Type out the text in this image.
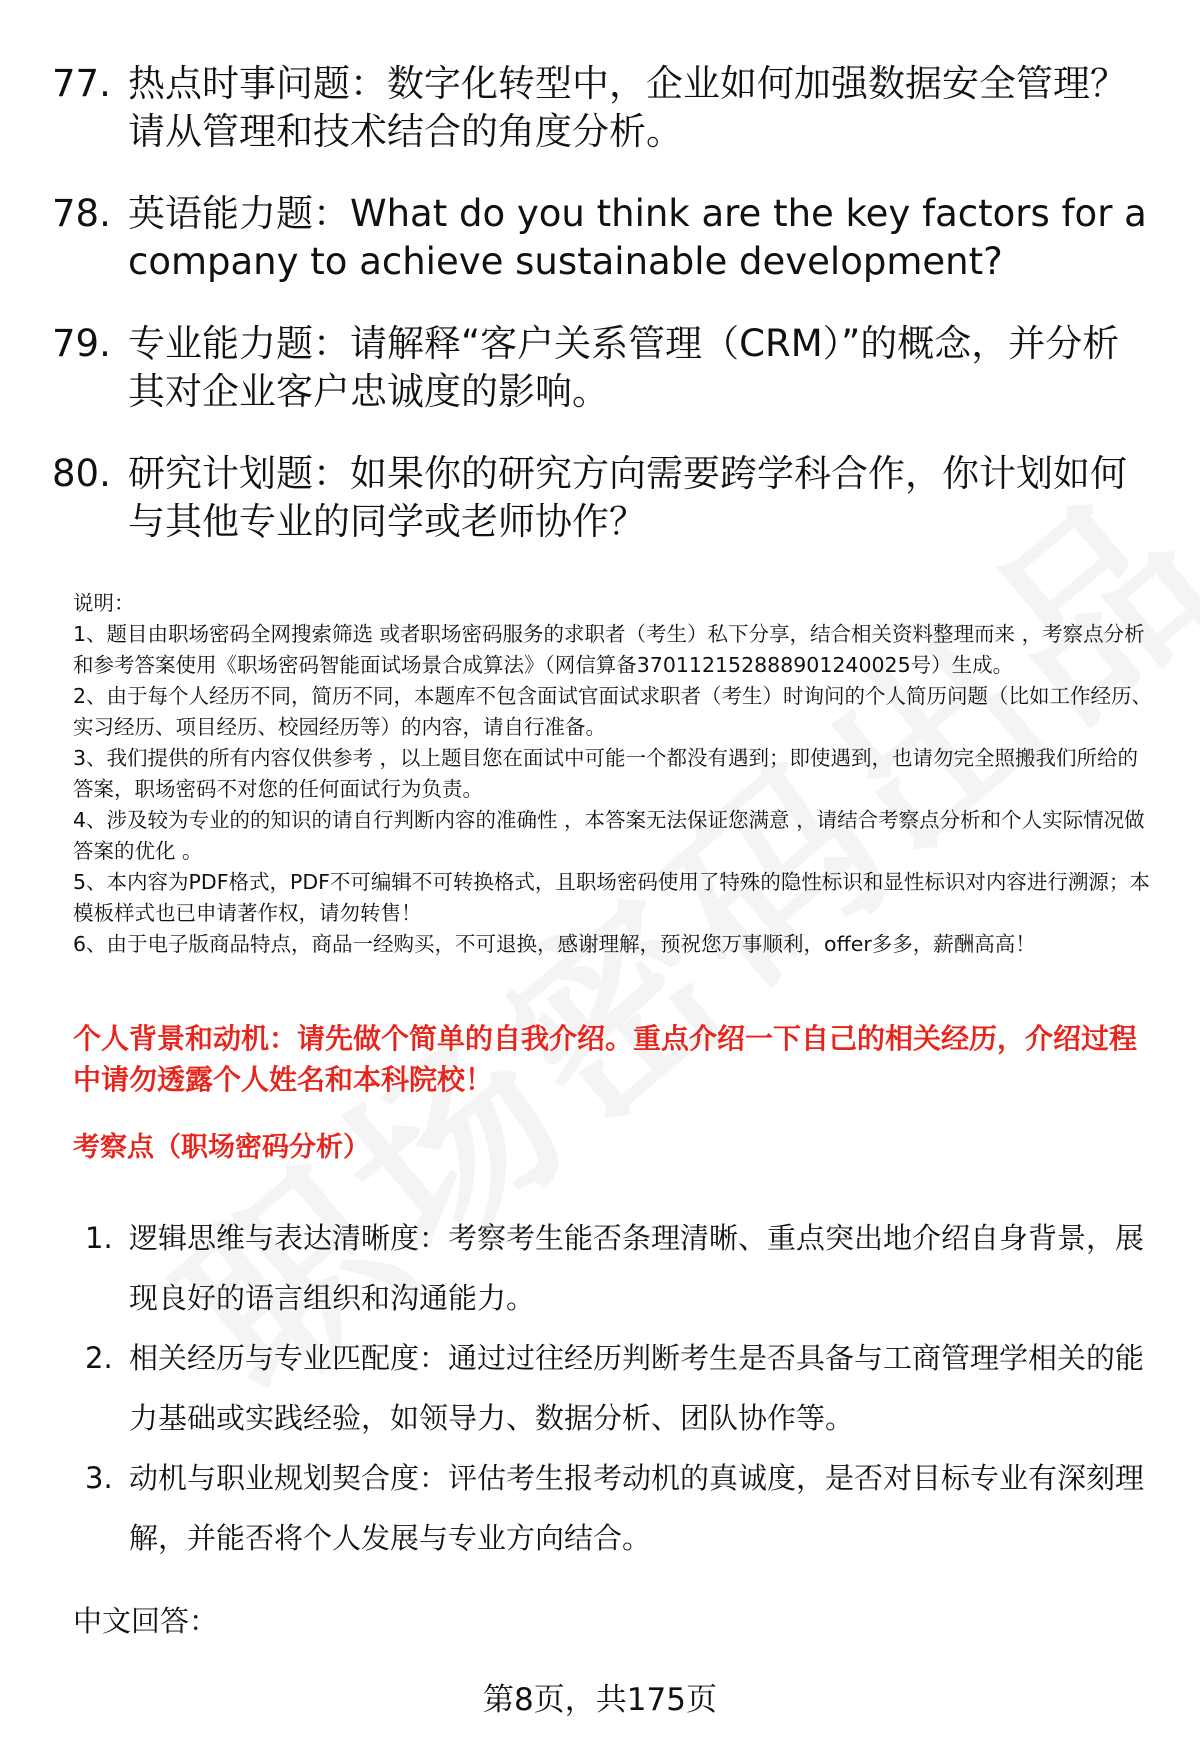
77. 热点时事问题：数字化转型中，企业如何加强数据安全管理？请从管理和技术结合的角度分析。
78. 英语能力题：What do you think are the key factors for a company to achieve sustainable development?
79. 专业能力题：请解释“客户关系管理（CRM）”的概念，并分析其对企业客户忠诚度的影响。
80. 研究计划题：如果你的研究方向需要跨学科合作，你计划如何与其他专业的同学或老师协作？

说明：

1、题目由职场密码全网搜索筛选 或者职场密码服务的求职者（考生）私下分享，结合相关资料整理而来 ，考察点分析和参考答案使用《职场密码智能面试场景合成算法》（网信算备370112152888901240025号）生成。

2、由于每个人经历不同，简历不同，本题库不包含面试官面试求职者（考生）时询问的个人简历问题（比如工作经历、实习经历、项目经历、校园经历等）的内容，请自行准备。

3、我们提供的所有内容仅供参考 ，以上题目您在面试中可能一个都没有遇到；即使遇到，也请勿完全照搬我们所给的答案，职场密码不对您的任何面试行为负责。

4、涉及较为专业的的知识的请自行判断内容的准确性 ，本答案无法保证您满意 ，请结合考察点分析和个人实际情况做答案的优化 。

5、本内容为PDF格式，PDF不可编辑不可转换格式，且职场密码使用了特殊的隐性标识和显性标识对内容进行溯源；本模板样式也已申请著作权，请勿转售！

6、由于电子版商品特点，商品一经购买，不可退换，感谢理解，预祝您万事顺利，offer多多，薪酬高高！

个人背景和动机：请先做个简单的自我介绍。重点介绍一下自己的相关经历，介绍过程中请勿透露个人姓名和本科院校！
考察点（职场密码分析）
1. 逻辑思维与表达清晰度：考察考生能否条理清晰、重点突出地介绍自身背景，展现良好的语言组织和沟通能力。
2. 相关经历与专业匹配度：通过过往经历判断考生是否具备与工商管理学相关的能力基础或实践经验，如领导力、数据分析、团队协作等。
3. 动机与职业规划契合度：评估考生报考动机的真诚度，是否对目标专业有深刻理解，并能否将个人发展与专业方向结合。
中文回答：
第8页，共175页
